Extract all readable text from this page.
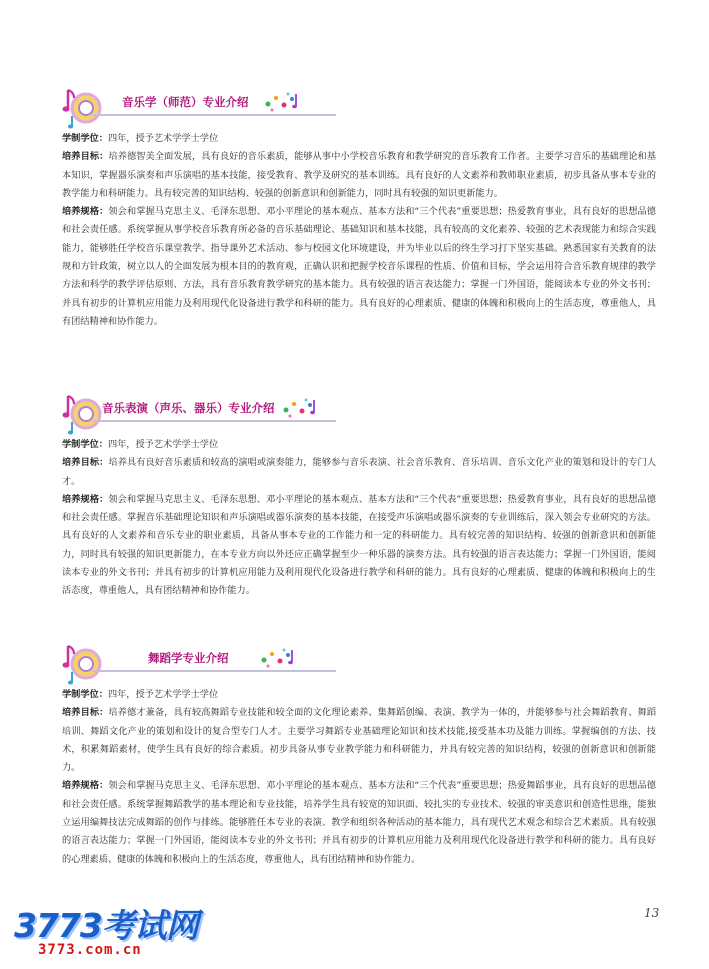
音乐学（师范）专业介绍

学制学位：四年，授予艺术学学士学位

培养目标：培养德智美全面发展，具有良好的音乐素质，能够从事中小学校音乐教育和教学研究的音乐教育工作者。主要学习音乐的基础理论和基本知识，掌握器乐演奏和声乐演唱的基本技能，接受教育、教学及研究的基本训练。具有良好的人文素养和教师职业素质，初步具备从事本专业的教学能力和科研能力。具有较完善的知识结构、较强的创新意识和创新能力，同时具有较强的知识更新能力。

培养规格：领会和掌握马克思主义、毛泽东思想、邓小平理论的基本观点、基本方法和“三个代表”重要思想；热爱教育事业，具有良好的思想品德和社会责任感。系统掌握从事学校音乐教育所必备的音乐基础理论、基础知识和基本技能，具有较高的文化素养、较强的艺术表现能力和综合实践能力，能够胜任学校音乐课堂教学、指导课外艺术活动、参与校园文化环境建设，并为毕业以后的终生学习打下坚实基础。熟悉国家有关教育的法规和方针政策，树立以人的全面发展为根本目的的教育观，正确认识和把握学校音乐课程的性质、价值和目标，学会运用符合音乐教育规律的教学方法和科学的教学评估原则、方法，具有音乐教育教学研究的基本能力。具有较强的语言表达能力；掌握一门外国语，能阅读本专业的外文书刊；并具有初步的计算机应用能力及利用现代化设备进行教学和科研的能力。具有良好的心理素质、健康的体魄和积极向上的生活态度，尊重他人，具有团结精神和协作能力。

音乐表演（声乐、器乐）专业介绍

学制学位：四年，授予艺术学学士学位

培养目标：培养具有良好音乐素质和较高的演唱或演奏能力，能够参与音乐表演、社会音乐教育、音乐培训、音乐文化产业的策划和设计的专门人才。

培养规格：领会和掌握马克思主义、毛泽东思想、邓小平理论的基本观点、基本方法和“三个代表”重要思想；热爱教育事业，具有良好的思想品德和社会责任感。掌握音乐基础理论知识和声乐演唱或器乐演奏的基本技能，在接受声乐演唱或器乐演奏的专业训练后，深入领会专业研究的方法。具有良好的人文素养和音乐专业的职业素质，具备从事本专业的工作能力和一定的科研能力。具有较完善的知识结构、较强的创新意识和创新能力，同时具有较强的知识更新能力，在本专业方向以外还应正确掌握至少一种乐器的演奏方法。具有较强的语言表达能力；掌握一门外国语，能阅读本专业的外文书刊；并具有初步的计算机应用能力及利用现代化设备进行教学和科研的能力。具有良好的心理素质、健康的体魄和积极向上的生活态度，尊重他人，具有团结精神和协作能力。

舞蹈学专业介绍

学制学位：四年，授予艺术学学士学位

培养目标：培养德才兼备，具有较高舞蹈专业技能和较全面的文化理论素养、集舞蹈创编、表演、教学为一体的，并能够参与社会舞蹈教育、舞蹈培训、舞蹈文化产业的策划和设计的复合型专门人才。主要学习舞蹈专业基础理论知识和技术技能,接受基本功及能力训练。掌握编创的方法、技术，积累舞蹈素材，使学生具有良好的综合素质。初步具备从事专业教学能力和科研能力，并具有较完善的知识结构，较强的创新意识和创新能力。

培养规格：领会和掌握马克思主义、毛泽东思想、邓小平理论的基本观点、基本方法和“三个代表”重要思想；热爱舞蹈事业，具有良好的思想品德和社会责任感。系统掌握舞蹈教学的基本理论和专业技能，培养学生具有较宽的知识面、较扎实的专业技术、较强的审美意识和创造性思维，能独立运用编舞技法完成舞蹈的创作与排练。能够胜任本专业的表演、教学和组织各种活动的基本能力，具有现代艺术观念和综合艺术素质。具有较强的语言表达能力；掌握一门外国语，能阅读本专业的外文书刊；并具有初步的计算机应用能力及利用现代化设备进行教学和科研的能力。具有良好的心理素质、健康的体魄和积极向上的生活态度，尊重他人，具有团结精神和协作能力。

13
3773考试网
3773.com.cn
